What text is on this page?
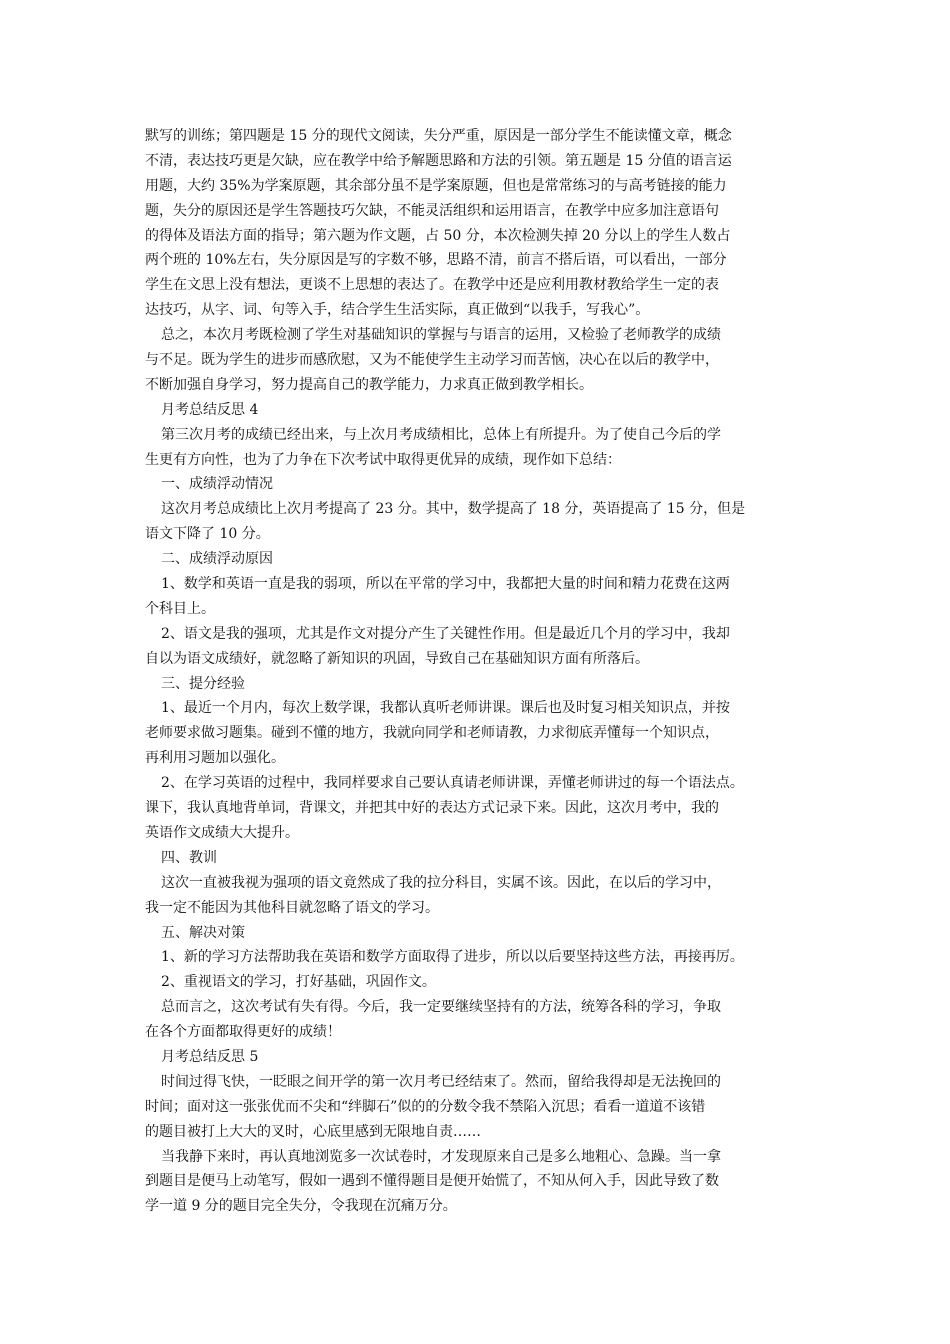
默写的训练；第四题是 15 分的现代文阅读，失分严重，原因是一部分学生不能读懂文章，概念
不清，表达技巧更是欠缺，应在教学中给予解题思路和方法的引领。第五题是 15 分值的语言运
用题，大约 35%为学案原题，其余部分虽不是学案原题，但也是常常练习的与高考链接的能力
题，失分的原因还是学生答题技巧欠缺，不能灵活组织和运用语言，在教学中应多加注意语句
的得体及语法方面的指导；第六题为作文题，占 50 分，本次检测失掉 20 分以上的学生人数占
两个班的 10%左右，失分原因是写的字数不够，思路不清，前言不搭后语，可以看出，一部分
学生在文思上没有想法，更谈不上思想的表达了。在教学中还是应利用教材教给学生一定的表
达技巧，从字、词、句等入手，结合学生生活实际，真正做到“以我手，写我心”。
总之，本次月考既检测了学生对基础知识的掌握与与语言的运用，又检验了老师教学的成绩
与不足。既为学生的进步而感欣慰，又为不能使学生主动学习而苦恼，决心在以后的教学中，
不断加强自身学习，努力提高自己的教学能力，力求真正做到教学相长。
月考总结反思 4
第三次月考的成绩已经出来，与上次月考成绩相比，总体上有所提升。为了使自己今后的学
生更有方向性，也为了力争在下次考试中取得更优异的成绩，现作如下总结：
一、成绩浮动情况
这次月考总成绩比上次月考提高了 23 分。其中，数学提高了 18 分，英语提高了 15 分，但是
语文下降了 10 分。
二、成绩浮动原因
1、数学和英语一直是我的弱项，所以在平常的学习中，我都把大量的时间和精力花费在这两
个科目上。
2、语文是我的强项，尤其是作文对提分产生了关键性作用。但是最近几个月的学习中，我却
自以为语文成绩好，就忽略了新知识的巩固，导致自己在基础知识方面有所落后。
三、提分经验
1、最近一个月内，每次上数学课，我都认真听老师讲课。课后也及时复习相关知识点，并按
老师要求做习题集。碰到不懂的地方，我就向同学和老师请教，力求彻底弄懂每一个知识点，
再利用习题加以强化。
2、在学习英语的过程中，我同样要求自己要认真请老师讲课，弄懂老师讲过的每一个语法点。
课下，我认真地背单词，背课文，并把其中好的表达方式记录下来。因此，这次月考中，我的
英语作文成绩大大提升。
四、教训
这次一直被我视为强项的语文竟然成了我的拉分科目，实属不该。因此，在以后的学习中，
我一定不能因为其他科目就忽略了语文的学习。
五、解决对策
1、新的学习方法帮助我在英语和数学方面取得了进步，所以以后要坚持这些方法，再接再厉。
2、重视语文的学习，打好基础，巩固作文。
总而言之，这次考试有失有得。今后，我一定要继续坚持有的方法，统筹各科的学习，争取
在各个方面都取得更好的成绩！
月考总结反思 5
时间过得飞快，一眨眼之间开学的第一次月考已经结束了。然而，留给我得却是无法挽回的
时间；面对这一张张优而不尖和“绊脚石”似的的分数令我不禁陷入沉思；看看一道道不该错
的题目被打上大大的叉时，心底里感到无限地自责……
当我静下来时，再认真地浏览多一次试卷时，才发现原来自己是多么地粗心、急躁。当一拿
到题目是便马上动笔写，假如一遇到不懂得题目是便开始慌了，不知从何入手，因此导致了数
学一道 9 分的题目完全失分，令我现在沉痛万分。
